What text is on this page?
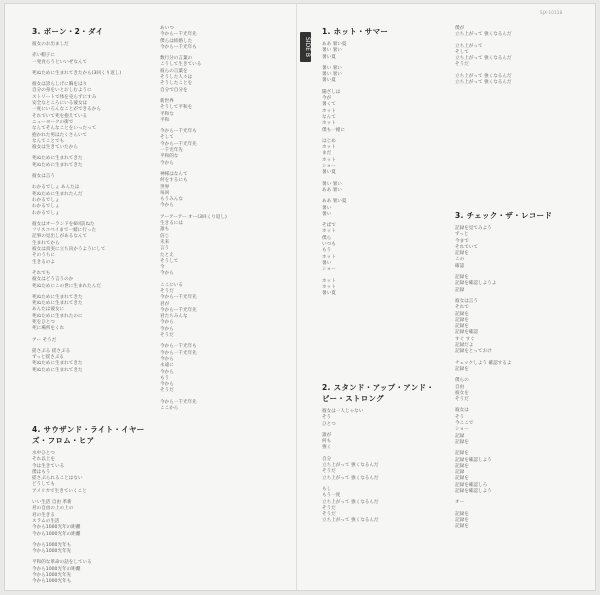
SJX-10118
SIDE B
3. ボーン・2・ダイ
彼女のお出ましだ
赤い帽子に
一発食らうといいぜなんて
死ぬために生まれてきたから(3回くり返し)
彼女は誇らしげに胸をはり
自分の身をいとおしむように
ストリートで体を売らずにすみ
安全なところにいる彼女は
一度にいろんなことができるから
それでいて死を抱えている
ニューヨークの街で
なんてそんなことをいったって
抱かれた男はたくさんいて
なんてことでも
彼女は生きていたから
死ぬために生まれてきた
死ぬために生まれてきた
彼女は言う
わかるでしょ あんたは
死ぬために生まれたんだ
わかるでしょ
わかるでしょ
わかるでしょ
彼女はオーランドを6回訪ねた
フリスコベイまで一緒に行った
記事の見出しがあるなんて
生まれてから
彼女は真実に立ち向かうようにして
そのうちに
生きるのよ
それでも
彼女はどう言うのか
死ぬためにこの世に生まれたんだ
死ぬために生まれてきた
死ぬために生まれてきた
あんたは彼女に
死ぬために生まれたのに
死をひとつ
死に場所をくれ
アー そうだ
揺さぶる 揺さぶる
ずっと揺さぶる
死ぬために生まれてきた
死ぬために生まれてきた
4. サウザンド・ライト・イヤーズ・フロム・ヒア
水中ひとつ
それ以上を
今は生きている
僕はもう
揺さぶられることはない
どうしても
アメリカで生きていくこと
いい生活 自由 革新
君の自由の上の上の
君の生きる
スラムの生活
今から1000光年の距離
今から1000光年の距離
今から1000光年も
今から1000光年先
平和的な革命の話をしている
今から1000光年の距離
今から1000光年先
今から1000光年も
あいつ
今からー千光年先
僕らは結婚した
今からー千光年も
数行分の言葉の
こうして生きている
彼らの言葉を
そうした人々は
そうしたことを
自分で自分を
新世界
そうして平和を
平和な
平和
今からー千光年も
そして
今からー千光年先
一千光年先
平和的な
今から
神様はなんて
何をするにも
世界
毎回
もうみんな
今から
アーアーアー オー(3回くり返し)
生きるには
誰も
信じ
未来
言う
たとえ
そうして
今
今から
ここにいる
そうだ
今からー千光年先
君が
今からー千光年先
君たちみんな
今から
今から
そうだ
今から一千光年も
今から一千光年先
今から
永遠に
今から
もう
今から
そうだ
今から一千光年先
ここから
1. ホット・サマー
ああ 暑い夏
暑い 暑い
暑い夏
暑い 暑い
暑い 暑い
暑い夏
陽ざしは
今が
暑くて
ホット
なんて
ホット
僕も一緒に
はじめ
ホット
まだ
ホット
ショー
暑い夏
暑い 暑い
ああ 暑い
ああ 暑い夏
暑い
暑い
そばで
ホット
僕ら
いつも
もう
ホット
暑い
ショー
ホット
ホット
暑い夏
2. スタンド・アップ・アンド・ビー・ストロング
彼女は一人じゃない
そう
ひとつ
誰が
何も
強く
自分
立ち上がって 強くなるんだ
そうだ
立ち上がって 強くなるんだ
もし
もう一度
立ち上がって 強くなるんだ
そうだ
そうだ
立ち上がって 強くなるんだ
僕が
立ち上がって 強くなるんだ
立ち上がって
そして
立ち上がって 強くなるんだ
そうだ
立ち上がって 強くなるんだ
立ち上がって 強くなるんだ
3. チェック・ザ・レコード
記録を見てみよう
ずっと
今まで
それでいて
記録を
この
確認
記録を
記録を確認しようよ
記録
彼女は言う
それで
記録を
記録を
記録を
記録を確認
すぐ すぐ
記録だよ
記録をとっておけ
チェックしよう 確認するよ
記録を
僕らの
自由
彼女を
そうだ
彼女は
そう
今ここで
ショー
記録
記録を
記録を
記録を確認しよう
記録を
記録
記録を
記録を確認しろ
記録を確認しよう
オー
記録を
記録を
記録を
